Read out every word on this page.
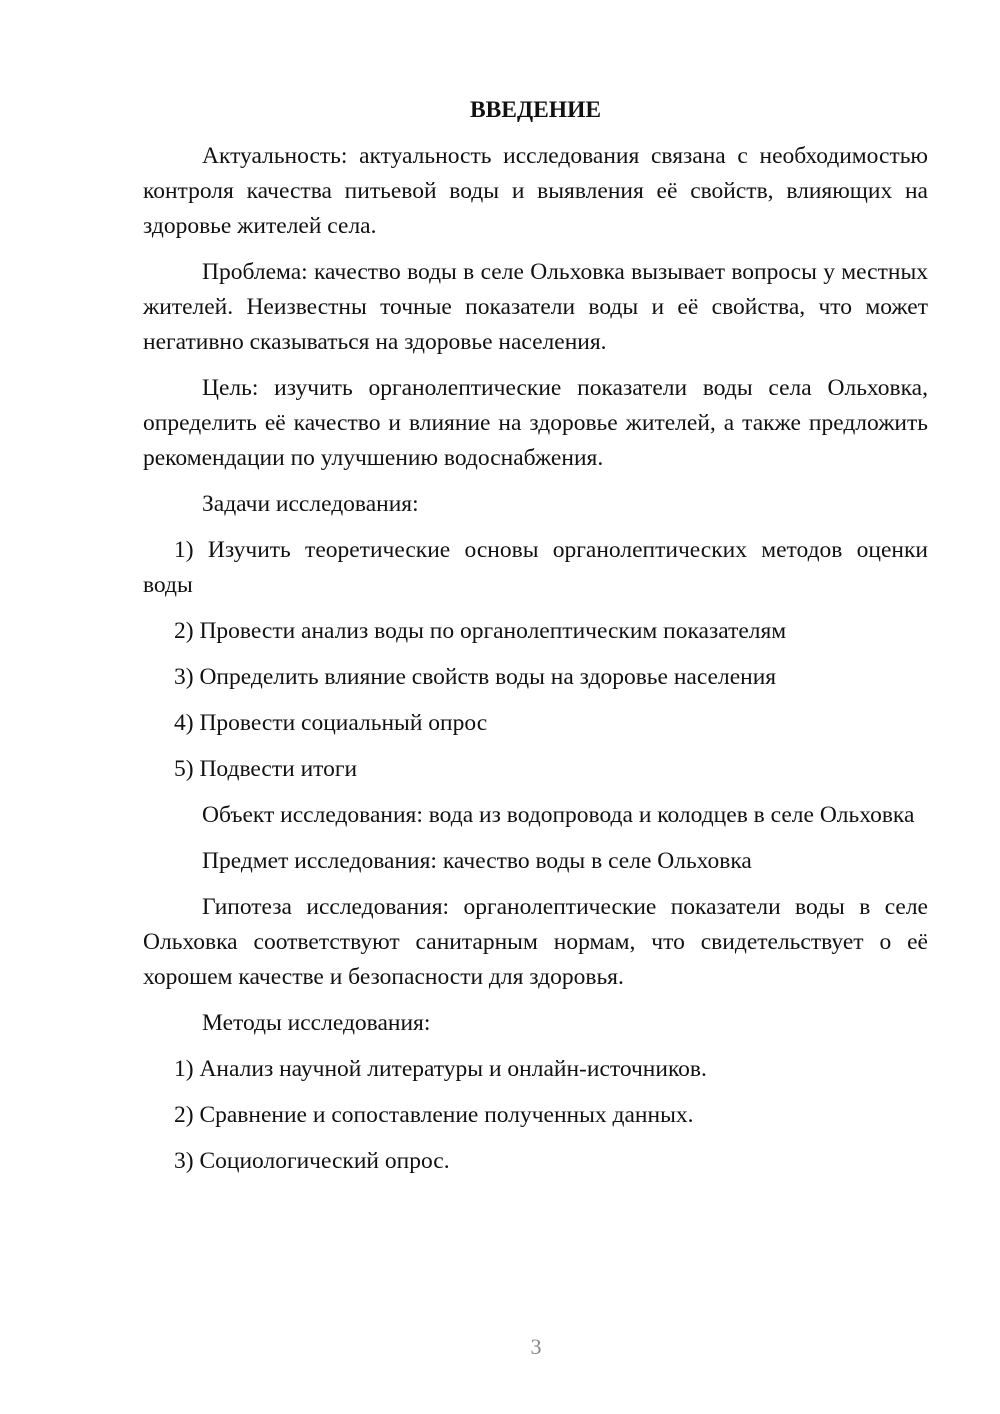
ВВЕДЕНИЕ

Актуальность: актуальность исследования связана с необходимостью контроля качества питьевой воды и выявления её свойств, влияющих на здоровье жителей села.

Проблема: качество воды в селе Ольховка вызывает вопросы у местных жителей. Неизвестны точные показатели воды и её свойства, что может негативно сказываться на здоровье населения.

Цель: изучить органолептические показатели воды села Ольховка, определить её качество и влияние на здоровье жителей, а также предложить рекомендации по улучшению водоснабжения.

Задачи исследования:

1) Изучить теоретические основы органолептических методов оценки воды

2) Провести анализ воды по органолептическим показателям

3) Определить влияние свойств воды на здоровье населения

4) Провести социальный опрос

5) Подвести итоги

Объект исследования: вода из водопровода и колодцев в селе Ольховка

Предмет исследования: качество воды в селе Ольховка

Гипотеза исследования: органолептические показатели воды в селе Ольховка соответствуют санитарным нормам, что свидетельствует о её хорошем качестве и безопасности для здоровья.

Методы исследования:

1) Анализ научной литературы и онлайн-источников.

2) Сравнение и сопоставление полученных данных.

3) Социологический опрос.

3
